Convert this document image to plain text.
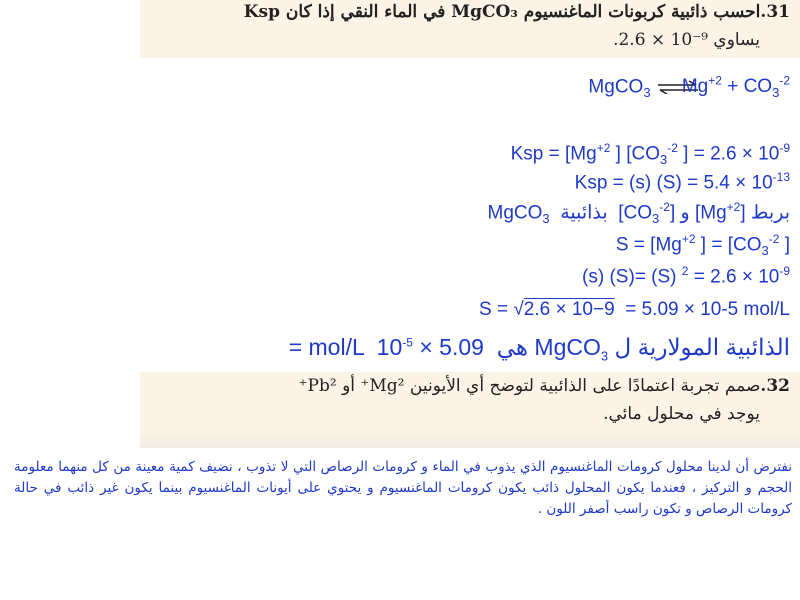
31.احسب ذائبية كربونات الماغنسيوم MgCO₃ في الماء النقي إذا كان Ksp
يساوي ‎2.6 × 10⁻⁹.
MgCO$_3$ $\rightleftharpoons Mg^{+2} + CO_3^{-2}$
Ksp = [$Mg^{+2}$ ] [$CO_3^{-2}$ ] = $2.6 \times 10^{-9}$
Ksp = (s) $(S) = 5.4 \times 10^{-13}$
بربط $[Mg^{+2}]$ و $[CO_3^{-2}]$  بذائبية  MgCO$_3$
$S = [Mg^{+2}$ ] = [$CO_3^{-2}$ ]
(s) (S)= (S) $^2 = 2.6 \times 10^{-9}$
S = √2.6 × 10−9 = 5.09 × 10-5 mol/L
الذائبية المولارية ل MgCO$_3$ هي  mol/L  $10^{-5} \times 5.09$ =
32.صمم تجربة اعتمادًا على الذائبية لتوضح أي الأيونين ‎Mg²⁺ أو ‎Pb²⁺
يوجد في محلول مائي.
نفترض أن لدينا محلول كرومات الماغنسيوم الذي يذوب في الماء و كرومات الرصاص التي لا تذوب ، نضيف كمية معينة من كل منهما معلومة الحجم و التركيز ، فعندما يكون المحلول ذائب يكون كرومات الماغنسيوم و يحتوي على أيونات الماغنسيوم بينما يكون غير ذائب في حالة كرومات الرصاص و تكون راسب أصفر اللون .
